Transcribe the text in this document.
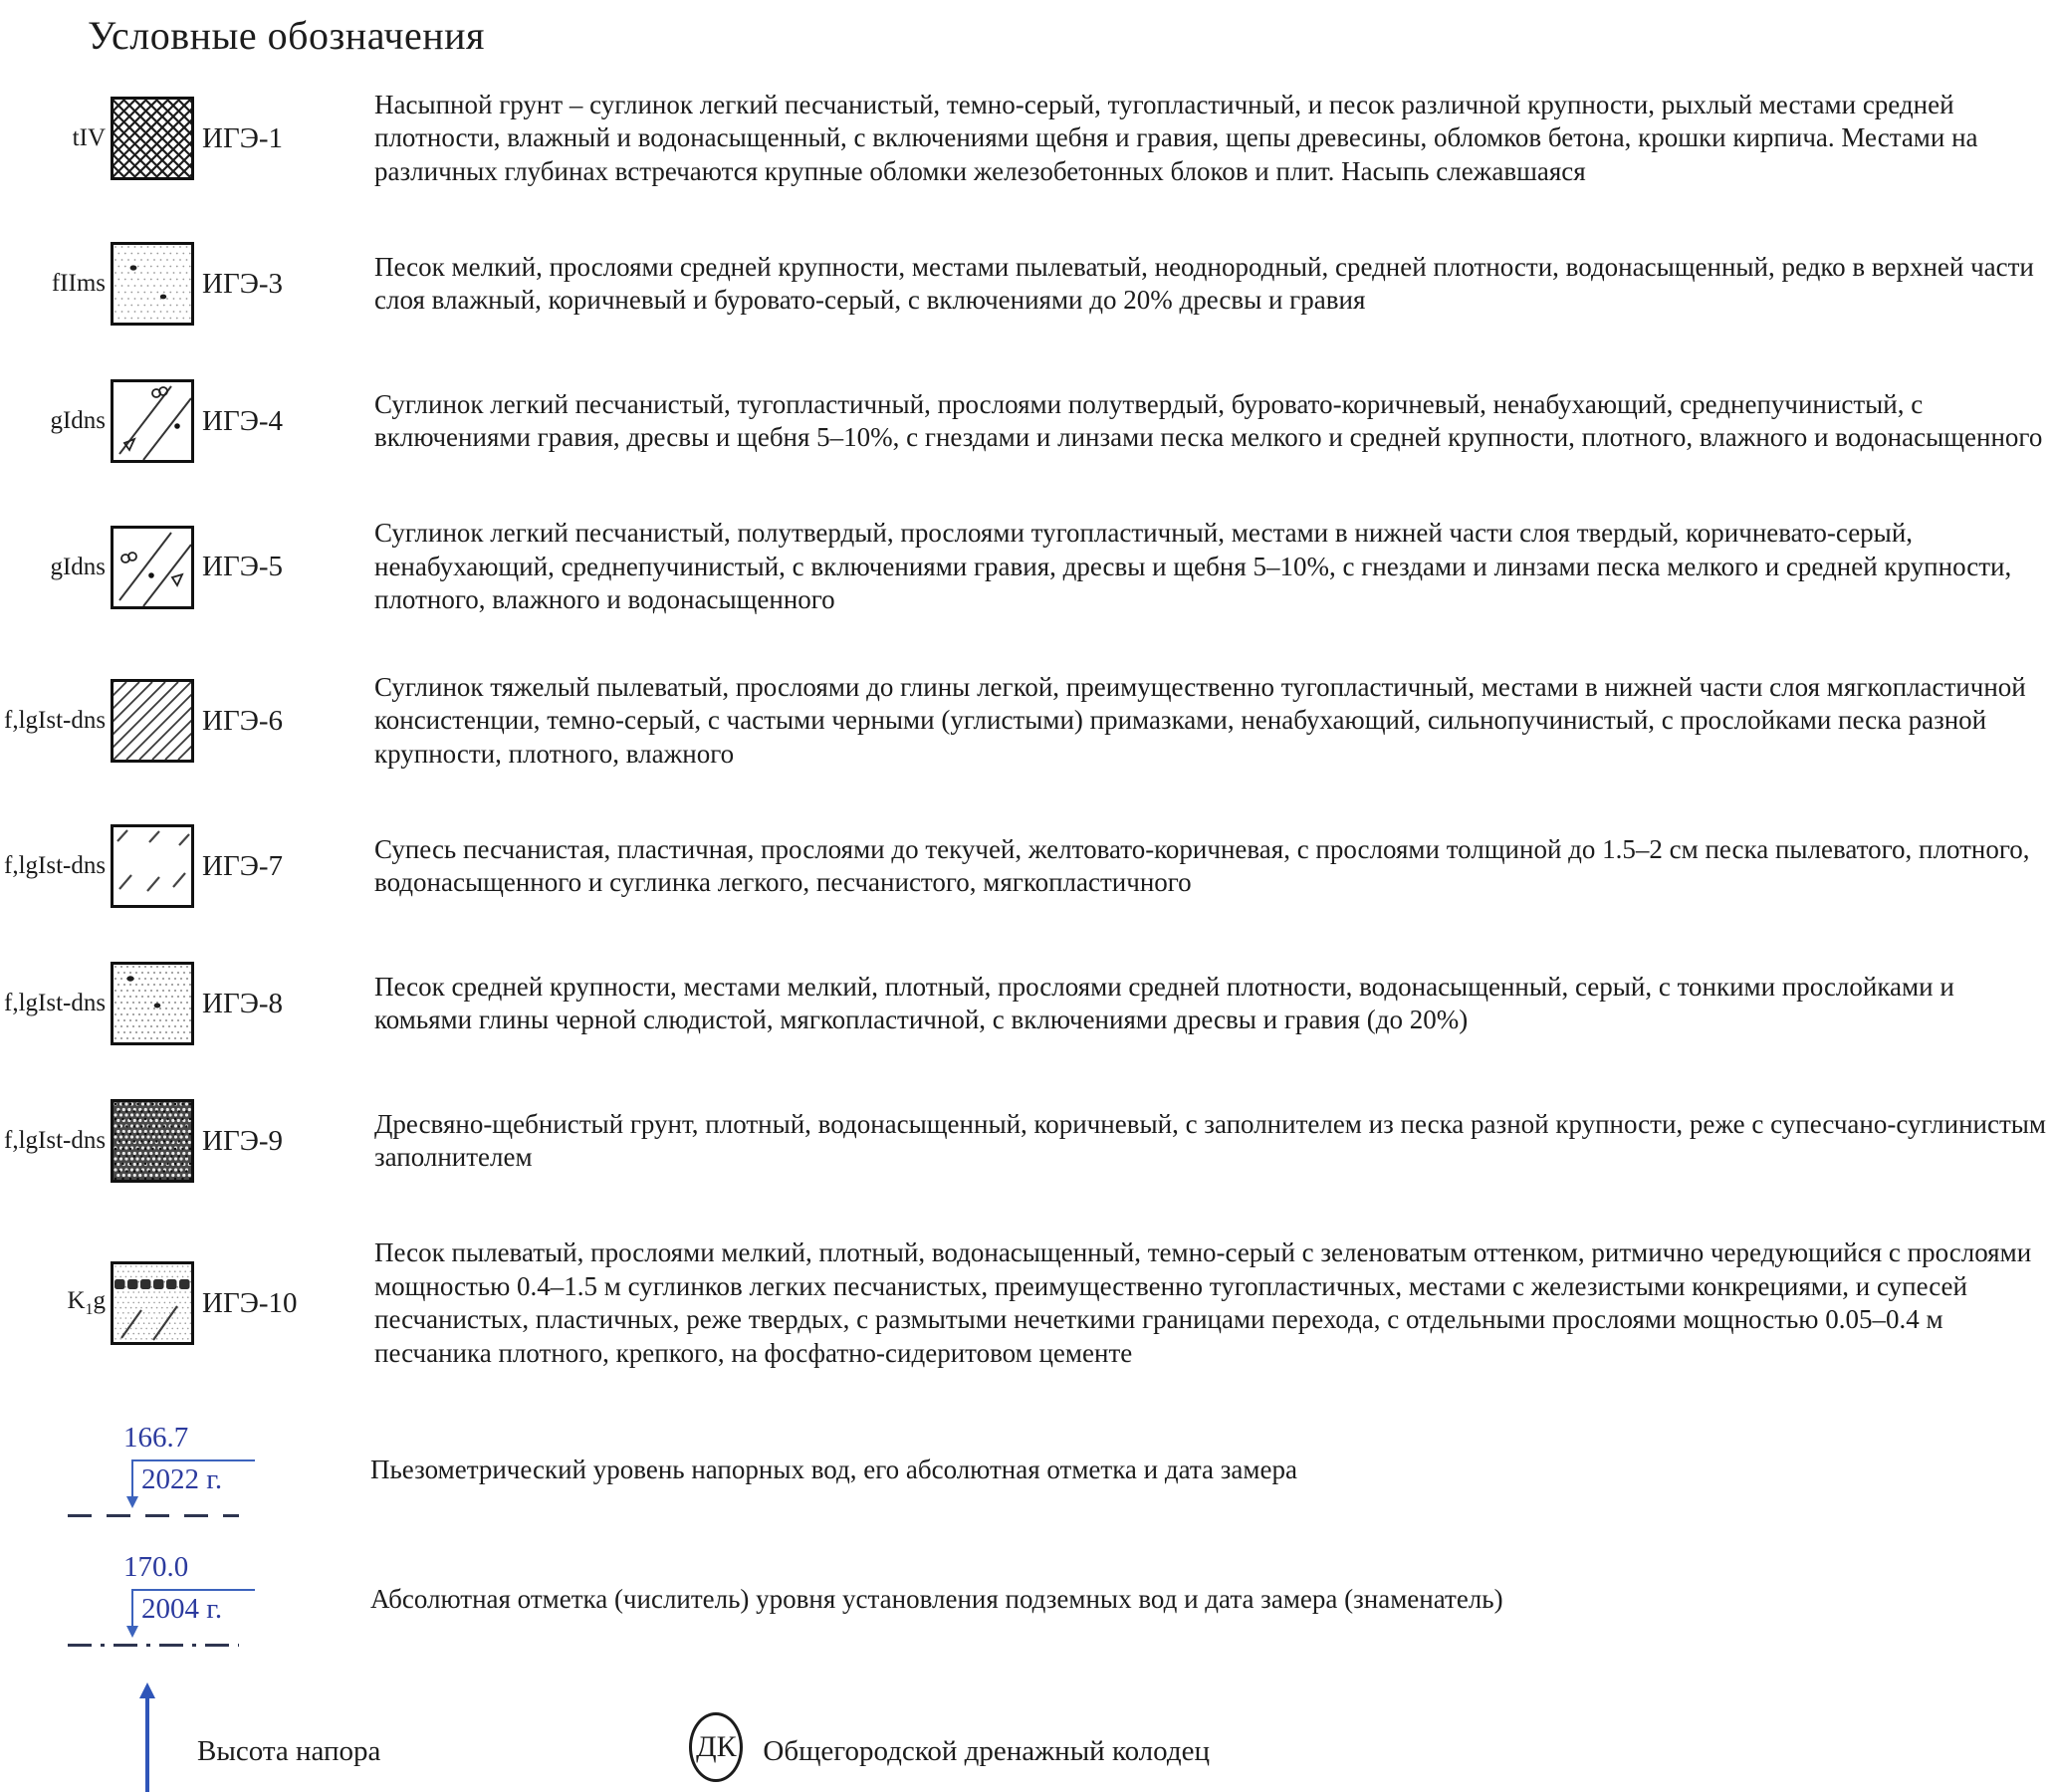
Условные обозначения
tIV	ИГЭ-1
Насыпной грунт – суглинок легкий песчанистый, темно-серый, тугопластичный, и песок различной крупности, рыхлый местами средней плотности, влажный и водонасыщенный, с включениями щебня и гравия, щепы древесины, обломков бетона, крошки кирпича. Местами на различных глубинах встречаются крупные обломки железобетонных блоков и плит. Насыпь слежавшаяся
fIIms	ИГЭ-3
Песок мелкий, прослоями средней крупности, местами пылеватый, неоднородный, средней плотности, водонасыщенный, редко в верхней части слоя влажный, коричневый и буровато-серый, с включениями до 20% дресвы и гравия
gIdns	ИГЭ-4
Суглинок легкий песчанистый, тугопластичный, прослоями полутвердый, буровато-коричневый, ненабухающий, среднепучинистый, с включениями гравия, дресвы и щебня 5–10%, с гнездами и линзами песка мелкого и средней крупности, плотного, влажного и водонасыщенного
gIdns	ИГЭ-5
Суглинок легкий песчанистый, полутвердый, прослоями тугопластичный, местами в нижней части слоя твердый, коричневато-серый, ненабухающий, среднепучинистый, с включениями гравия, дресвы и щебня 5–10%, с гнездами и линзами песка мелкого и средней крупности, плотного, влажного и водонасыщенного
f,lgIst-dns	ИГЭ-6
Суглинок тяжелый пылеватый, прослоями до глины легкой, преимущественно тугопластичный, местами в нижней части слоя мягкопластичной консистенции, темно-серый, с частыми черными (углистыми) примазками, ненабухающий, сильнопучинистый, с прослойками песка разной крупности, плотного, влажного
f,lgIst-dns	ИГЭ-7
Супесь песчанистая, пластичная, прослоями до текучей, желтовато-коричневая, с прослоями толщиной до 1.5–2 см песка пылеватого, плотного, водонасыщенного и суглинка легкого, песчанистого, мягкопластичного
f,lgIst-dns	ИГЭ-8
Песок средней крупности, местами мелкий, плотный, прослоями средней плотности, водонасыщенный, серый, с тонкими прослойками и комьями глины черной слюдистой, мягкопластичной, с включениями дресвы и гравия (до 20%)
f,lgIst-dns	ИГЭ-9
Дресвяно-щебнистый грунт, плотный, водонасыщенный, коричневый, с заполнителем из песка разной крупности, реже с супесчано-суглинистым заполнителем
$K_1g$	ИГЭ-10
Песок пылеватый, прослоями мелкий, плотный, водонасыщенный, темно-серый с зеленоватым оттенком, ритмично чередующийся с прослоями мощностью 0.4–1.5 м суглинков легких песчанистых, преимущественно тугопластичных, местами с железистыми конкрециями, и супесей песчанистых, пластичных, реже твердых, с размытыми нечеткими границами перехода, с отдельными прослоями мощностью 0.05–0.4 м песчаника плотного, крепкого, на фосфатно-сидеритовом цементе
166.7
2022 г.	Пьезометрический уровень напорных вод, его абсолютная отметка и дата замера
170.0
2004 г.	Абсолютная отметка (числитель) уровня установления подземных вод и дата замера (знаменатель)
Высота напора	ДК Общегородской дренажный колодец
